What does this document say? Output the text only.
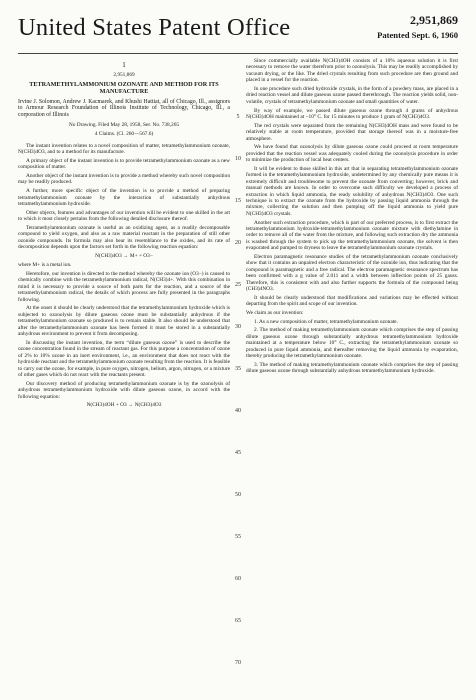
United States Patent Office	2,951,869
Patented Sept. 6, 1960

1

2,951,869

TETRAMETHYLAMMONIUM OZONATE AND METHOD FOR ITS MANUFACTURE

Irvine J. Solomon, Andrew J. Kacmarek, and Khushi Hattiat, all of Chicago, Ill., assignors to Armour Research Foundation of Illinois Institute of Technology, Chicago, Ill., a corporation of Illinois

No Drawing. Filed May 28, 1958, Ser. No. 738,265

4 Claims. (Cl. 260—567.6)

The instant invention relates to a novel composition of matter, tetramethylammonium ozonate, N(CH3)4O3, and to a method for its manufacture.

A primary object of the instant invention is to provide tetramethylammonium ozonate as a new composition of matter.

Another object of the instant invention is to provide a method whereby such novel composition may be readily produced.

A further, more specific object of the invention is to provide a method of preparing tetramethylammonium ozonate by the interaction of substantially anhydrous tetramethylammonium hydroxide.

Other objects, features and advantages of our invention will be evident to one skilled in the art to which it most closely pertains from the following detailed disclosure thereof.

Tetramethylammonium ozonate is useful as an oxidizing agent, as a readily decomposable compound to yield oxygen, and also as a raw material reactant in the preparation of still other ozonide compounds. Its formula may also bear its resemblance to the oxides, and its rate of decomposition depends upon the factors set forth in the following reaction equation:

N(CH3)4O3 → M+ + O3−

where M+ is a metal ion.

Heretofore, our invention is directed to the method whereby the ozonate ion (O3−) is caused to chemically combine with the tetramethylammonium radical, N(CH3)4+. With this combination in mind it is necessary to provide a source of both parts for the reaction, and a source of the tetramethylammonium radical, the details of which process are fully presented in the paragraphs following.

At the onset it should be clearly understood that the tetramethylammonium hydroxide which is subjected to ozonolysis by dilute gaseous ozone must be substantially anhydrous if the tetramethylammonium ozonate so produced is to remain stable. It also should be understood that after the tetramethylammonium ozonate has been formed it must be stored in a substantially anhydrous environment to prevent it from decomposing.

In discussing the instant invention, the term “dilute gaseous ozone” is used to describe the ozone concentration found in the stream of reactant gas. For this purpose a concentration of ozone of 2% to 10% ozone in an inert environment, i.e., an environment that does not react with the hydroxide reactant and the tetramethylammonium ozonate resulting from the reaction. It is feasible to carry out the ozone, for example, in pure oxygen, nitrogen, helium, argon, nitrogen, or a mixture of other gases which do not react with the reactants present.

Our discovery method of producing tetramethylammonium ozonate is by the ozonolysis of anhydrous tetramethylammonium hydroxide with dilute gaseous ozone, in accord with the following equation:

N(CH3)4OH + O3 → N(CH3)4O3

5
10
15
20
25
30
35
40
45
50
55
60
65
70

Since commercially available N(CH3)4OH consists of a 10% aqueous solution it is first necessary to remove the water therefrom prior to ozonolysis. This may be readily accomplished by vacuum drying, or the like. The dried crystals resulting from such procedure are then ground and placed in a vessel for the reaction.

In one procedure such dried hydroxide crystals, in the form of a powdery mass, are placed in a dried reaction vessel and dilute gaseous ozone passed therethrough. The reaction yields solid, non-volatile, crystals of tetramethylammonium ozonate and small quantities of water.

By way of example, we passed dilute gaseous ozone through 4 grams of anhydrous N(CH3)4OH maintained at −10° C. for 15 minutes to produce 1 gram of N(CH3)4O3.

The red crystals were separated from the remaining N(CH3)4OH mass and were found to be relatively stable at room temperature, provided that storage thereof was in a moisture-free atmosphere.

We have found that ozonolysis by dilute gaseous ozone could proceed at room temperature provided that the reaction vessel was adequately cooled during the ozonolysis procedure in order to minimize the production of local heat centers.

It will be evident to those skilled in this art that in separating tetramethylammonium ozonate formed in the tetramethylammonium hydroxide, undetermined by any chemically pure means it is extremely difficult and troublesome to prevent the ozonate from converting; however, brick and manual methods are known. In order to overcome such difficulty we developed a process of extraction in which liquid ammonia, the ready solubility of anhydrous N(CH3)4O3. One such technique is to extract the ozonate from the hydroxide by passing liquid ammonia through the mixture, collecting the solution and then pumping off the liquid ammonia to yield pure N(CH3)4O3 crystals.

Another such extraction procedure, which is part of our preferred process, is to first extract the tetramethylammonium hydroxide-tetramethylammonium ozonate mixture with diethylamine in order to remove all of the water from the mixture, and following such extraction dry the ammonia is washed through the system to pick up the tetramethylammonium ozonate, the solvent is then evaporated and pumped to dryness to leave the tetramethylammonium ozonate crystals.

Electron paramagnetic resonance studies of the tetramethylammonium ozonate conclusively show that it contains an unpaired electron characteristic of the ozonide ion, thus indicating that the compound is paramagnetic and a free radical. The electron paramagnetic resonance spectrum has been confirmed with a g value of 2.011 and a width between inflection points of 25 gauss. Therefore, this is consistent with and also further supports the formula of the compound being (CH3)4NO3.

It should be clearly understood that modifications and variations may be effected without departing from the spirit and scope of our invention.

We claim as our invention:

1. As a new composition of matter, tetramethylammonium ozonate.

2. The method of making tetramethylammonium ozonate which comprises the step of passing dilute gaseous ozone through substantially anhydrous tetramethylammonium hydroxide maintained at a temperature below 10° C., extracting the tetramethylammonium ozonate so produced in pure liquid ammonia, and thereafter removing the liquid ammonia by evaporation, thereby producing the tetramethylammonium ozonate.

3. The method of making tetramethylammonium ozonate which comprises the step of passing dilute gaseous ozone through substantially anhydrous tetramethylammonium hydroxide.
